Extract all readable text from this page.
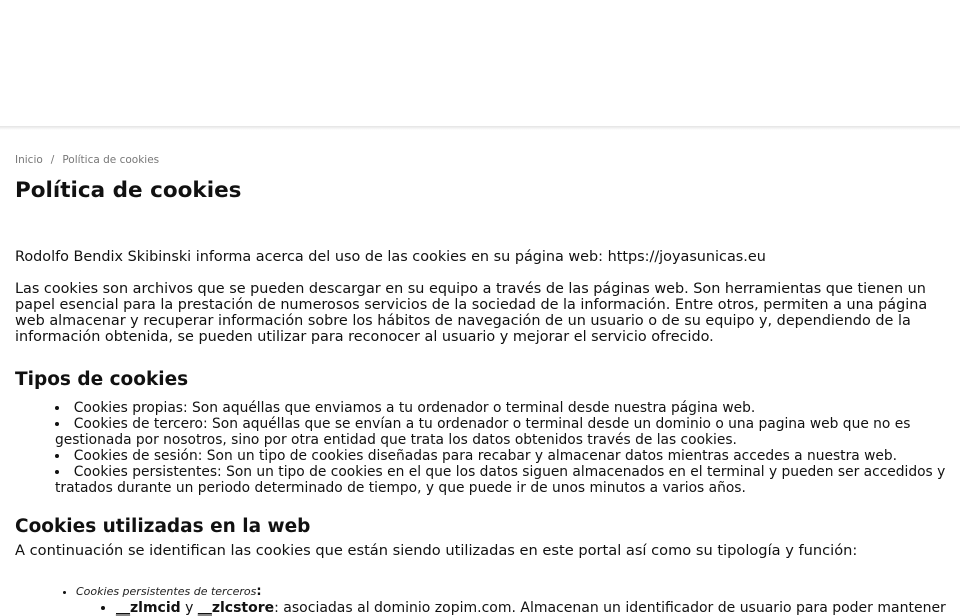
Inicio / Política de cookies
Política de cookies

Rodolfo Bendix Skibinski informa acerca del uso de las cookies en su página web: https://joyasunicas.eu

Las cookies son archivos que se pueden descargar en su equipo a través de las páginas web. Son herramientas que tienen un papel esencial para la prestación de numerosos servicios de la sociedad de la información. Entre otros, permiten a una página web almacenar y recuperar información sobre los hábitos de navegación de un usuario o de su equipo y, dependiendo de la información obtenida, se pueden utilizar para reconocer al usuario y mejorar el servicio ofrecido.

Tipos de cookies
• Cookies propias: Son aquéllas que enviamos a tu ordenador o terminal desde nuestra página web.
• Cookies de tercero: Son aquéllas que se envían a tu ordenador o terminal desde un dominio o una pagina web que no es gestionada por nosotros, sino por otra entidad que trata los datos obtenidos través de las cookies.
• Cookies de sesión: Son un tipo de cookies diseñadas para recabar y almacenar datos mientras accedes a nuestra web.
• Cookies persistentes: Son un tipo de cookies en el que los datos siguen almacenados en el terminal y pueden ser accedidos y tratados durante un periodo determinado de tiempo, y que puede ir de unos minutos a varios años.
Cookies utilizadas en la web

A continuación se identifican las cookies que están siendo utilizadas en este portal así como su tipología y función:

• Cookies persistentes de terceros:
• __zlmcid y __zlcstore: asociadas al dominio zopim.com. Almacenan un identificador de usuario para poder mantener
